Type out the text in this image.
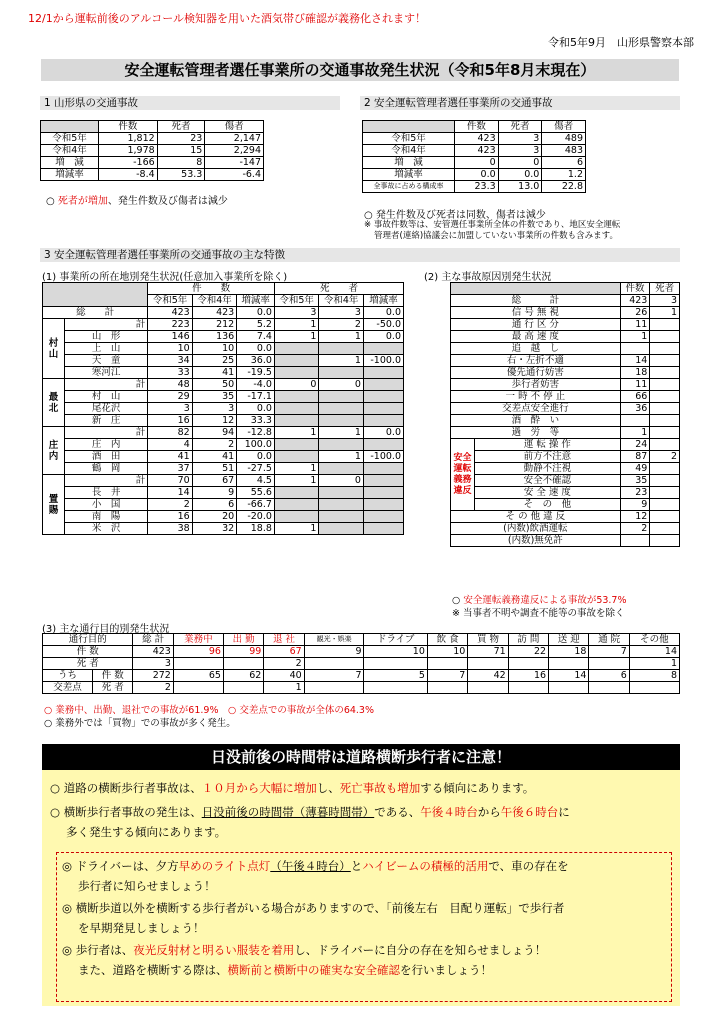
12/1から運転前後のアルコール検知器を用いた酒気帯び確認が義務化されます！
令和5年9月　山形県警察本部
安全運転管理者選任事業所の交通事故発生状況（令和5年8月末現在）
1 山形県の交通事故
	件数	死者	傷者
令和5年	1,812	23	2,147
令和4年	1,978	15	2,294
増　減	-166	8	-147
増減率	-8.4	53.3	-6.4
○ 死者が増加、発生件数及び傷者は減少
2 安全運転管理者選任事業所の交通事故
	件数	死者	傷者
令和5年	423	3	489
令和4年	423	3	483
増　減	0	0	6
増減率	0.0	0.0	1.2
全事故に占める構成率	23.3	13.0	22.8
○ 発生件数及び死者は同数、傷者は減少
※ 事故件数等は、安管選任事業所全体の件数であり、地区安全運転
管理者(連絡)協議会に加盟していない事業所の件数も含みます。
3 安全運転管理者選任事業所の交通事故の主な特徴
(1) 事業所の所在地別発生状況(任意加入事業所を除く)
		件　　数			死　　者		
		令和5年	令和4年	増減率	令和5年	令和4年	増減率
総　　計		423	423	0.0	3	3	0.0
村山	計	223	212	5.2	1	2	-50.0
	山　形	146	136	7.4	1	1	0.0
	上　山	10	10	0.0			
	天　童	34	25	36.0		1	-100.0
	寒河江	33	41	-19.5			
最北	計	48	50	-4.0	0	0	
	村　山	29	35	-17.1			
	尾花沢	3	3	0.0			
	新　庄	16	12	33.3			
庄内	計	82	94	-12.8	1	1	0.0
	庄　内	4	2	100.0			
	酒　田	41	41	0.0		1	-100.0
	鶴　岡	37	51	-27.5	1		
置賜	計	70	67	4.5	1	0	
	長　井	14	9	55.6			
	小　国	2	6	-66.7			
	南　陽	16	20	-20.0			
	米　沢	38	32	18.8	1		
(2) 主な事故原因別発生状況
		件数	死者
総　　　計		423	3
信 号 無 視		26	1
通 行 区 分		11	
最 高 速 度		1	
追　越　し			
右・左折不適		14	
優先通行妨害		18	
歩行者妨害		11	
一 時 不 停 止		66	
交差点安全進行		36	
酒　酔　い			
過　労　等		1	
安全運転義務違反	運 転 操 作	24	
	前方不注意	87	2
	動静不注視	49	
	安全不確認	35	
	安 全 速 度	23	
	そ　の　他	9	
そ の 他 違 反		12	
(内数)飲酒運転		2	
(内数)無免許			
○ 安全運転義務違反による事故が53.7%
※ 当事者不明や調査不能等の事故を除く
(3) 主な通行目的別発生状況
通行目的		総 計	業務中	出 勤	退 社	観光・娯楽	ドライブ	飲 食	買 物	訪 問	送 迎	通 院	その他
件 数		423	96	99	67	9	10	10	71	22	18	7	14
死 者		3			2								1
うち	件 数	272	65	62	40	7	5	7	42	16	14	6	8
交差点	死 者	2			1								
○ 業務中、出勤、退社での事故が61.9%　 ○ 交差点での事故が全体の64.3%
○ 業務外では「買物」での事故が多く発生。
日没前後の時間帯は道路横断歩行者に注意！
○ 道路の横断歩行者事故は、１０月から大幅に増加し、死亡事故も増加する傾向にあります。
○ 横断歩行者事故の発生は、日没前後の時間帯（薄暮時間帯）である、午後４時台から午後６時台に
多く発生する傾向にあります。
◎ ドライバーは、夕方早めのライト点灯（午後４時台）とハイビームの積極的活用で、車の存在を
歩行者に知らせましょう！
◎ 横断歩道以外を横断する歩行者がいる場合がありますので、「前後左右　目配り運転」で歩行者
を早期発見しましょう！
◎ 歩行者は、夜光反射材と明るい服装を着用し、ドライバーに自分の存在を知らせましょう！
また、道路を横断する際は、横断前と横断中の確実な安全確認を行いましょう！
